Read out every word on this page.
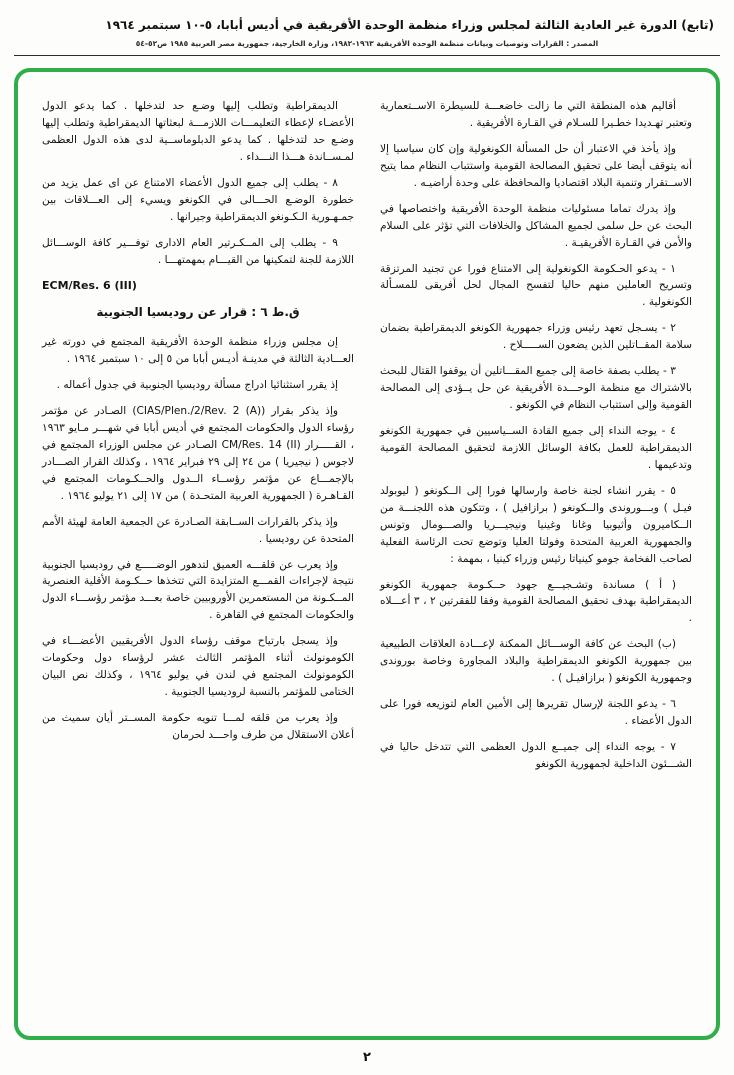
(تابع) الدورة غير العادية الثالثة لمجلس وزراء منظمة الوحدة الأفريقية في أديس أبابا، ٥-١٠ سبتمبر ١٩٦٤
المصدر : القرارات وتوصيات وبيانات منظمة الوحدة الأفريقية ١٩٦٣-١٩٨٢، وزارة الخارجية، جمهورية مصر العربية ١٩٨٥ ص٥٢-٥٤

أقاليم هذه المنطقة التي ما زالت خاضعـــة للسيطرة الاســتعمارية وتعتبر تهـديدا خطـيرا للسـلام في القـارة الأفريقية .

وإذ يأخذ في الاعتبار أن حل المسألة الكونغولية وإن كان سياسيا إلا أنه يتوقف أيضا على تحقيق المصالحة القومية واستتباب النظام مما يتيح الاســتقرار وتنمية البلاد اقتصاديا والمحافظة على وحدة أراضيـه .

وإذ يدرك تماما مسئوليات منظمة الوحدة الأفريقية واختصاصها في البحث عن حل سلمى لجميع المشاكل والخلافات التي تؤثر على السلام والأمن في القـارة الأفريقيـة .

١ - يدعو الحـكومة الكونغولية إلى الامتناع فورا عن تجنيد المرتزقة وتسريح العاملين منهم حاليا لتفسح المجال لحل أفريقى للمسـألة الكونغولية .

٢ - يسـجل تعهد رئيس وزراء جمهورية الكونغو الديمقراطية بضمان سلامة المقــاتلين الذين يضعون الســـــلاح .

٣ - يطلب بصفة خاصة إلى جميع المقـــاتلين أن يوقفوا القتال للبحث بالاشتراك مع منظمة الوحـــدة الأفريقية عن حل يــؤدى إلى المصالحة القومية وإلى استتباب النظام في الكونغو .

٤ - يوجه النداء إلى جميع القادة الســياسيين في جمهورية الكونغو الديمقراطية للعمل بكافة الوسائل اللازمة لتحقيق المصالحة القومية وتدعيمها .

٥ - يقرر انشاء لجنة خاصة وارسالها فورا إلى الــكونغو ( ليوبولد فيـل ) وبـــوروندى والــكونغو ( برازافيل ) ، وتتكون هذه اللجنـــة من الــكاميرون وأثيوبيا وغانا وغينيا ونيجيـــريا والصـــومال وتونس والجمهورية العربية المتحدة وفولتا العليا وتوضع تحت الرئاسة الفعلية لصاحب الفخامة جومو كينياتا رئيس وزراء كينيا ، بمهمة :

( أ ) مساندة وتشـجيـــع جهود حــكـومة جمهورية الكونغو الديمقراطية بهدف تحقيق المصالحة القومية وفقا للفقرتين ٢ ، ٣ أعـــلاه .

(ب) البحث عن كافة الوســـائل الممكنة لإعـــادة العلاقات الطبيعية بين جمهورية الكونغو الديمقراطية والبلاد المجاورة وخاصة بوروندى وجمهورية الكونغو ( برازافيـل ) .

٦ - يدعو اللجنة لإرسال تقريرها إلى الأمين العام لتوزيعه فورا على الدول الأعضاء .

٧ - يوجه النداء إلى جميــع الدول العظمى التي تتدخل حاليا في الشـــئون الداخلية لجمهورية الكونغو

الديمقراطية وتطلب إليها وضـع حد لتدخلها . كما يدعو الدول الأعضـاء لإعطاء التعليمـــات اللازمـــة لبعثاتها الديمقراطية وتطلب إليها وضـع حد لتدخلها . كما يدعو الدبلوماســية لدى هذه الدول العظمى لمـســاندة هـــذا النـــداء .

٨ - يطلب إلى جميع الدول الأعضاء الامتناع عن اى عمل يزيد من خطورة الوضـع الحـــالى في الكونغو ويسيء إلى العـــلاقات بين جمـهـورية الـكـونغو الديمقراطية وجيرانها .

٩ - يطلب إلى المــكـرتير العام الادارى توفـــير كافة الوســـائل اللازمة للجنة لتمكينها من القيـــام بمهمتهـــا .

ECM/Res. 6 (III)

ق.ط ٦ : قرار عن روديسيا الجنوبية

إن مجلس وزراء منظمة الوحدة الأفريقية المجتمع في دورته غير العـــادية الثالثة في مدينـة أديـس أبابا من ٥ إلى ١٠ سبتمبر ١٩٦٤ .

إذ يقرر استثنائيا ادراج مسألة روديسيا الجنوبية في جدول أعماله .

وإذ يذكر بقرار (CIAS/Plen./2/Rev. 2 (A)) الصـادر عن مؤتمر رؤساء الدول والحكومات المجتمع في أديس أبابا في شهـــر مـايو ١٩٦٣ ، القـــــرار CM/Res. 14 (II) الصـادر عن مجلس الوزراء المجتمع في لاجوس ( نيجيريا ) من ٢٤ إلى ٢٩ فبراير ١٩٦٤ ، وكذلك القرار الصـــادر بالإجمـــاع عن مؤتمر رؤســاء الــدول والحــكـومات المجتمع في القـاهـرة ( الجمهورية العربية المتحـدة ) من ١٧ إلى ٢١ يوليو ١٩٦٤ .

وإذ يذكر بالقرارات الســابقة الصـادرة عن الجمعية العامة لهيئة الأمم المتحدة عن روديسيا .

وإذ يعرب عن قلقـــه العميق لتدهور الوضـــــع في روديسيا الجنوبية نتيجة لإجراءات القمـــع المتزايدة التي تتخذها حــكـومة الأقلية العنصرية المــكـونة من المستعمرين الأوروبيين خاصة بعـــد مؤتمر رؤســـاء الدول والحكومات المجتمع في القاهرة .

وإذ يسجل بارتياح موقف رؤساء الدول الأفريقيين الأعضـــاء في الكومونولث أثناء المؤتمر الثالث عشر لرؤساء دول وحكومات الكومونولث المجتمع في لندن في يوليو ١٩٦٤ ، وكذلك نص البيان الختامى للمؤتمر بالنسبة لروديسيا الجنوبية .

وإذ يعرب من قلقه لمـــا تنويه حكومة المســتر أيان سميث من أعلان الاستقلال من طرف واحـــد لحرمان

٢
